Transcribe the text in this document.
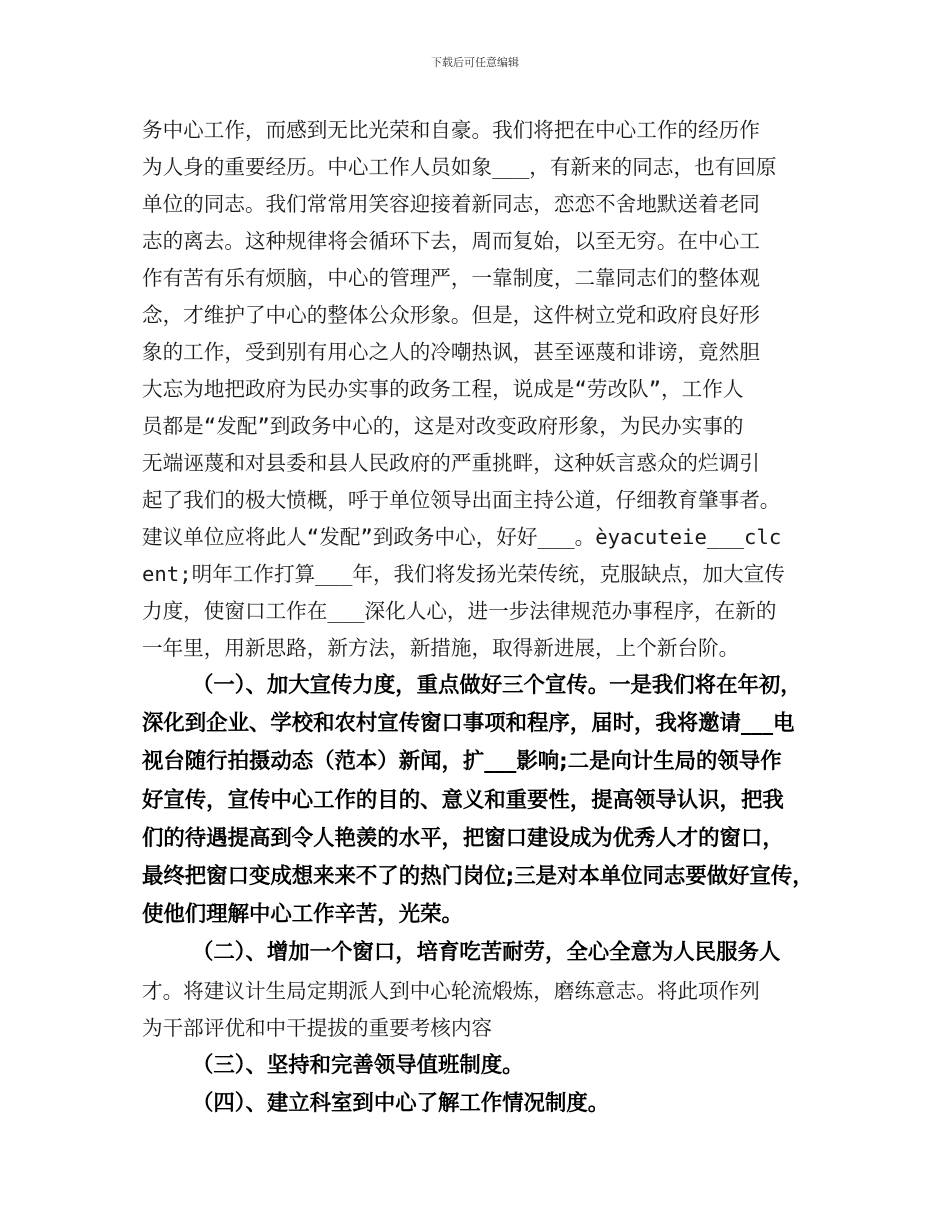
下载后可任意编辑
务中心工作，而感到无比光荣和自豪。我们将把在中心工作的经历作
为人身的重要经历。中心工作人员如象___，有新来的同志，也有回原
单位的同志。我们常常用笑容迎接着新同志，恋恋不舍地默送着老同
志的离去。这种规律将会循环下去，周而复始，以至无穷。在中心工
作有苦有乐有烦脑，中心的管理严，一靠制度，二靠同志们的整体观
念，才维护了中心的整体公众形象。但是，这件树立党和政府良好形
象的工作，受到别有用心之人的冷嘲热讽，甚至诬蔑和诽谤，竟然胆
大忘为地把政府为民办实事的政务工程，说成是“劳改队”，工作人
员都是“发配”到政务中心的，这是对改变政府形象，为民办实事的
无端诬蔑和对县委和县人民政府的严重挑畔，这种妖言惑众的烂调引
起了我们的极大愤概，呼于单位领导出面主持公道，仔细教育肇事者。
建议单位应将此人“发配”到政务中心，好好___。èyacuteie___clc
ent;明年工作打算___年，我们将发扬光荣传统，克服缺点，加大宣传
力度，使窗口工作在___深化人心，进一步法律规范办事程序，在新的
一年里，用新思路，新方法，新措施，取得新进展，上个新台阶。
（一）、加大宣传力度，重点做好三个宣传。一是我们将在年初，
深化到企业、学校和农村宣传窗口事项和程序，届时，我将邀请___电
视台随行拍摄动态（范本）新闻，扩___影响;二是向计生局的领导作
好宣传，宣传中心工作的目的、意义和重要性，提高领导认识，把我
们的待遇提高到令人艳羡的水平，把窗口建设成为优秀人才的窗口，
最终把窗口变成想来来不了的热门岗位;三是对本单位同志要做好宣传，
使他们理解中心工作辛苦，光荣。
（二）、增加一个窗口，培育吃苦耐劳，全心全意为人民服务人
才。将建议计生局定期派人到中心轮流煅炼，磨练意志。将此项作列
为干部评优和中干提拔的重要考核内容
（三）、坚持和完善领导值班制度。
（四）、建立科室到中心了解工作情况制度。
